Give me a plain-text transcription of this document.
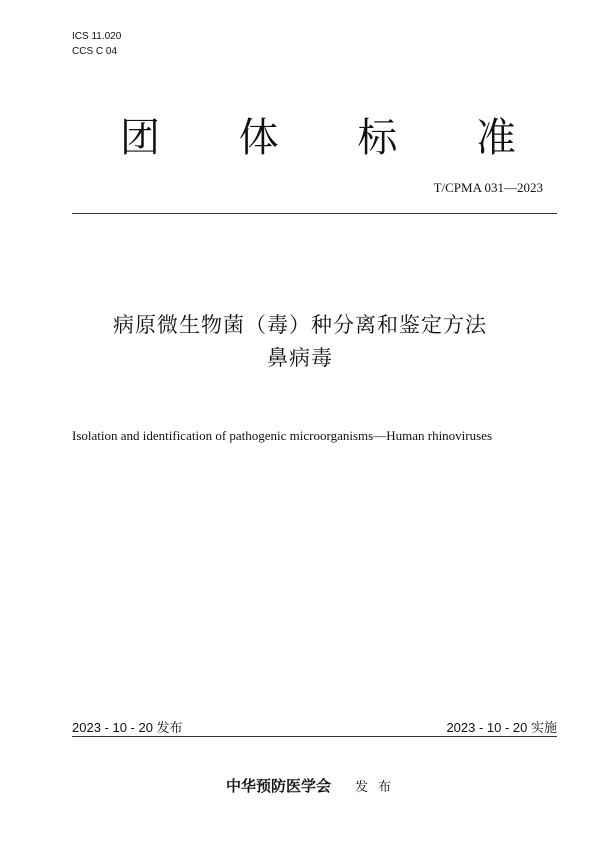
ICS 11.020
CCS C 04
团 体 标 准
T/CPMA 031—2023
病原微生物菌（毒）种分离和鉴定方法
鼻病毒
Isolation and identification of pathogenic microorganisms—Human rhinoviruses
2023 - 10 - 20 发布	2023 - 10 - 20 实施
中华预防医学会 发 布
